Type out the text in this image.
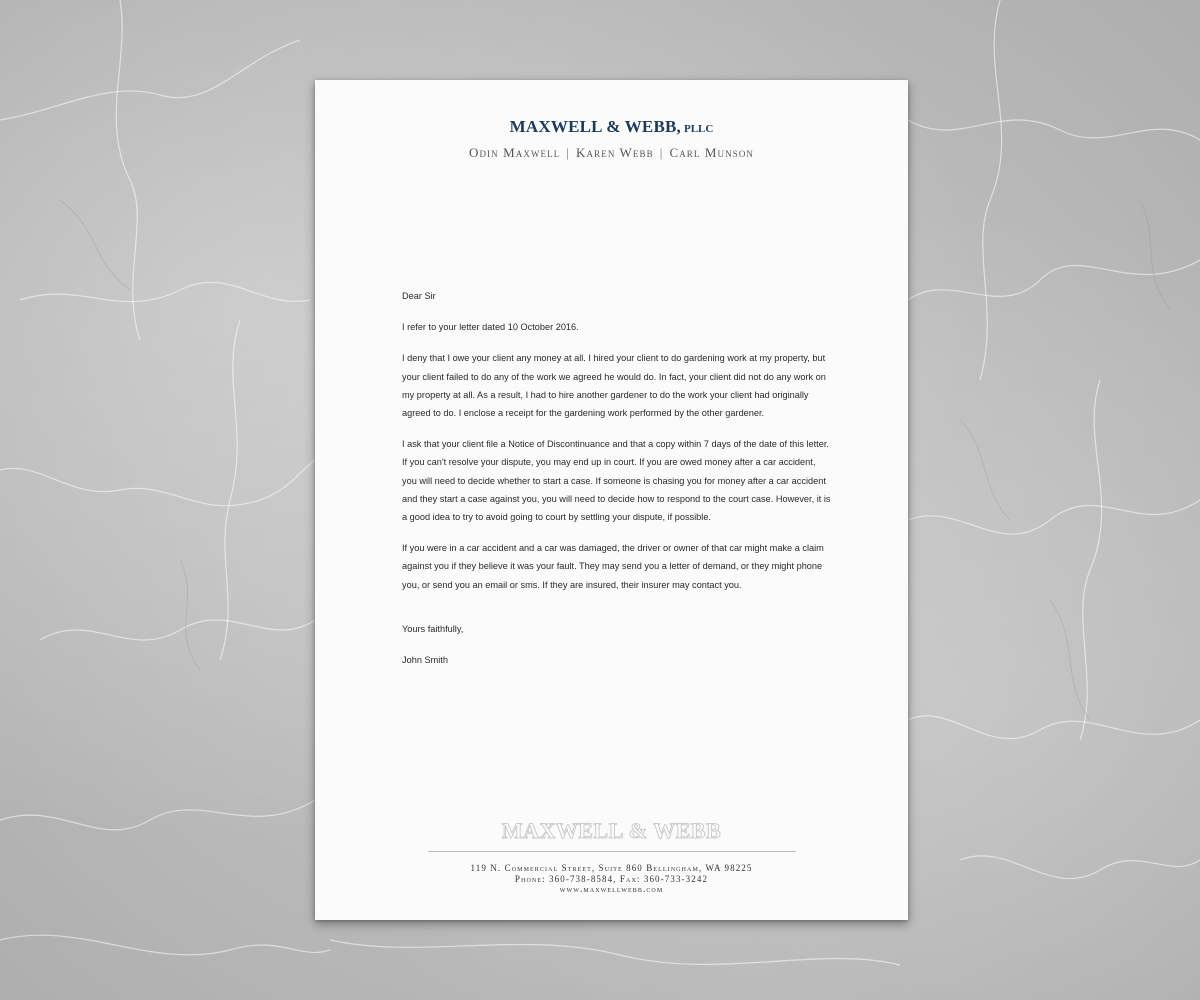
MAXWELL & WEBB, PLLC
Odin Maxwell | Karen Webb | Carl Munson

Dear Sir

I refer to your letter dated 10 October 2016.

I deny that I owe your client any money at all. I hired your client to do gardening work at my property, but your client failed to do any of the work we agreed he would do. In fact, your client did not do any work on my property at all. As a result, I had to hire another gardener to do the work your client had originally agreed to do. I enclose a receipt for the gardening work performed by the other gardener.

I ask that your client file a Notice of Discontinuance and that a copy within 7 days of the date of this letter. If you can't resolve your dispute, you may end up in court. If you are owed money after a car accident, you will need to decide whether to start a case. If someone is chasing you for money after a car accident and they start a case against you, you will need to decide how to respond to the court case. However, it is a good idea to try to avoid going to court by settling your dispute, if possible.

If you were in a car accident and a car was damaged, the driver or owner of that car might make a claim against you if they believe it was your fault. They may send you a letter of demand, or they might phone you, or send you an email or sms. If they are insured, their insurer may contact you.

Yours faithfully,

John Smith

MAXWELL & WEBB
119 N. Commercial Street, Suite 860 Bellingham, WA 98225
Phone: 360-738-8584, Fax: 360-733-3242
www.maxwellwebb.com
